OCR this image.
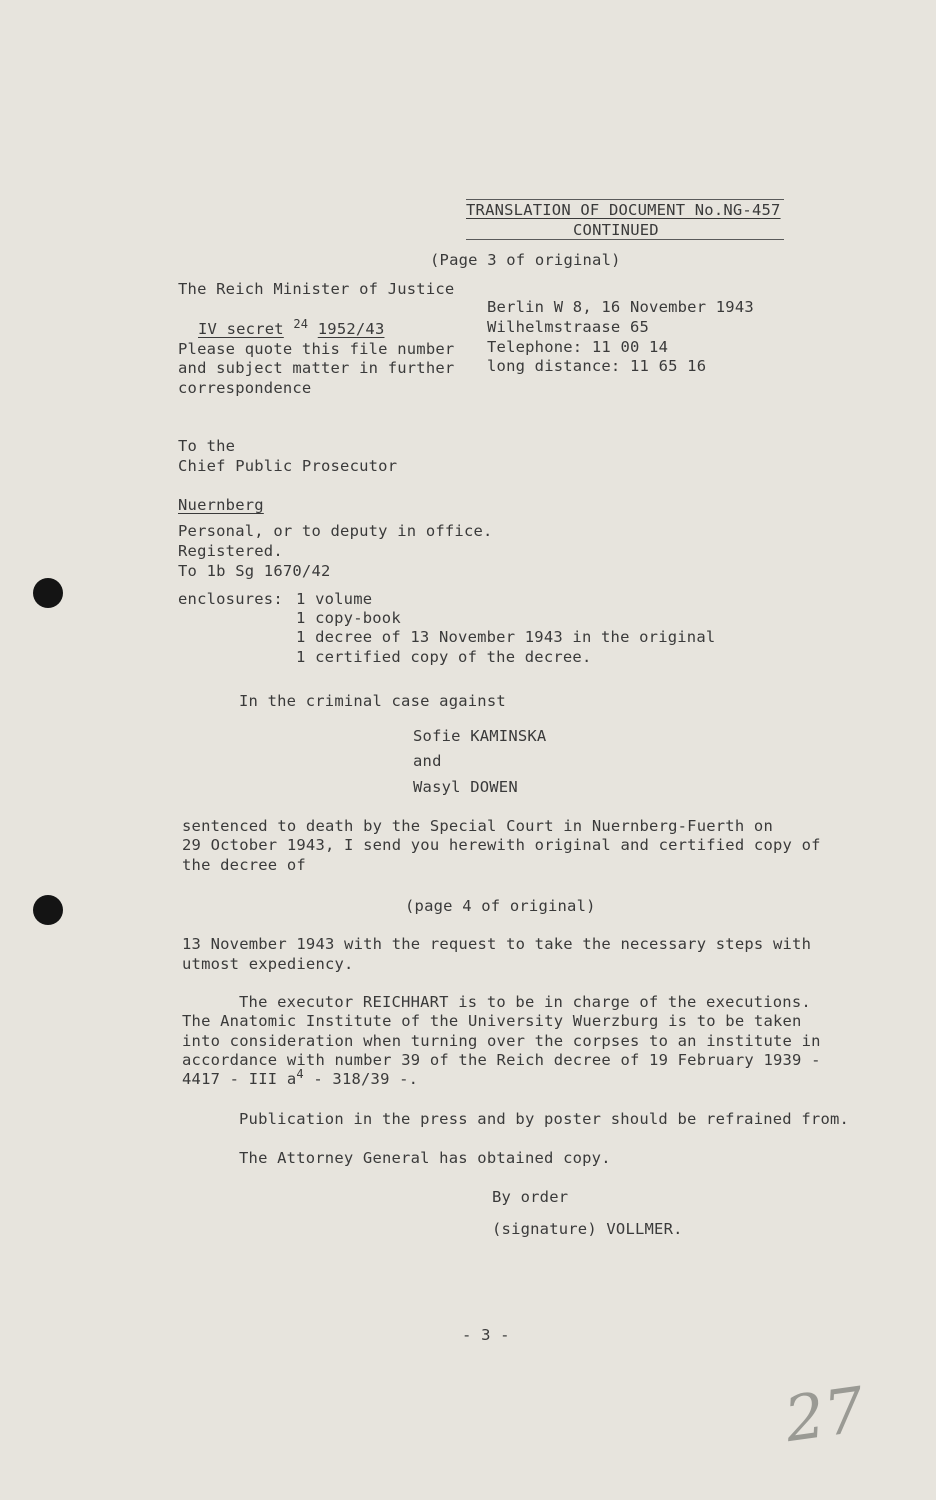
TRANSLATION OF DOCUMENT No.NG-457
CONTINUED
(Page 3 of original)
The Reich Minister of Justice
IV secret $^{24}$ 1952/43
Please quote this file number
and subject matter in further
correspondence
Berlin W 8, 16 November 1943
Wilhelmstraase 65
Telephone: 11 00 14
long distance: 11 65 16
To the
Chief Public Prosecutor
Nuernberg
Personal, or to deputy in office.
Registered.
To 1b Sg 1670/42
enclosures: 1 volume
1 copy-book
1 decree of 13 November 1943 in the original
1 certified copy of the decree.
In the criminal case against
Sofie KAMINSKA
and
Wasyl DOWEN
sentenced to death by the Special Court in Nuernberg-Fuerth on
29 October 1943, I send you herewith original and certified copy of
the decree of
(page 4 of original)
13 November 1943 with the request to take the necessary steps with
utmost expediency.
The executor REICHHART is to be in charge of the executions.
The Anatomic Institute of the University Wuerzburg is to be taken
into consideration when turning over the corpses to an institute in
accordance with number 39 of the Reich decree of 19 February 1939 -
4417 - III $a^4 - 318/39$ -.
Publication in the press and by poster should be refrained from.
The Attorney General has obtained copy.
By order
(signature) VOLLMER.
- 3 -
27
